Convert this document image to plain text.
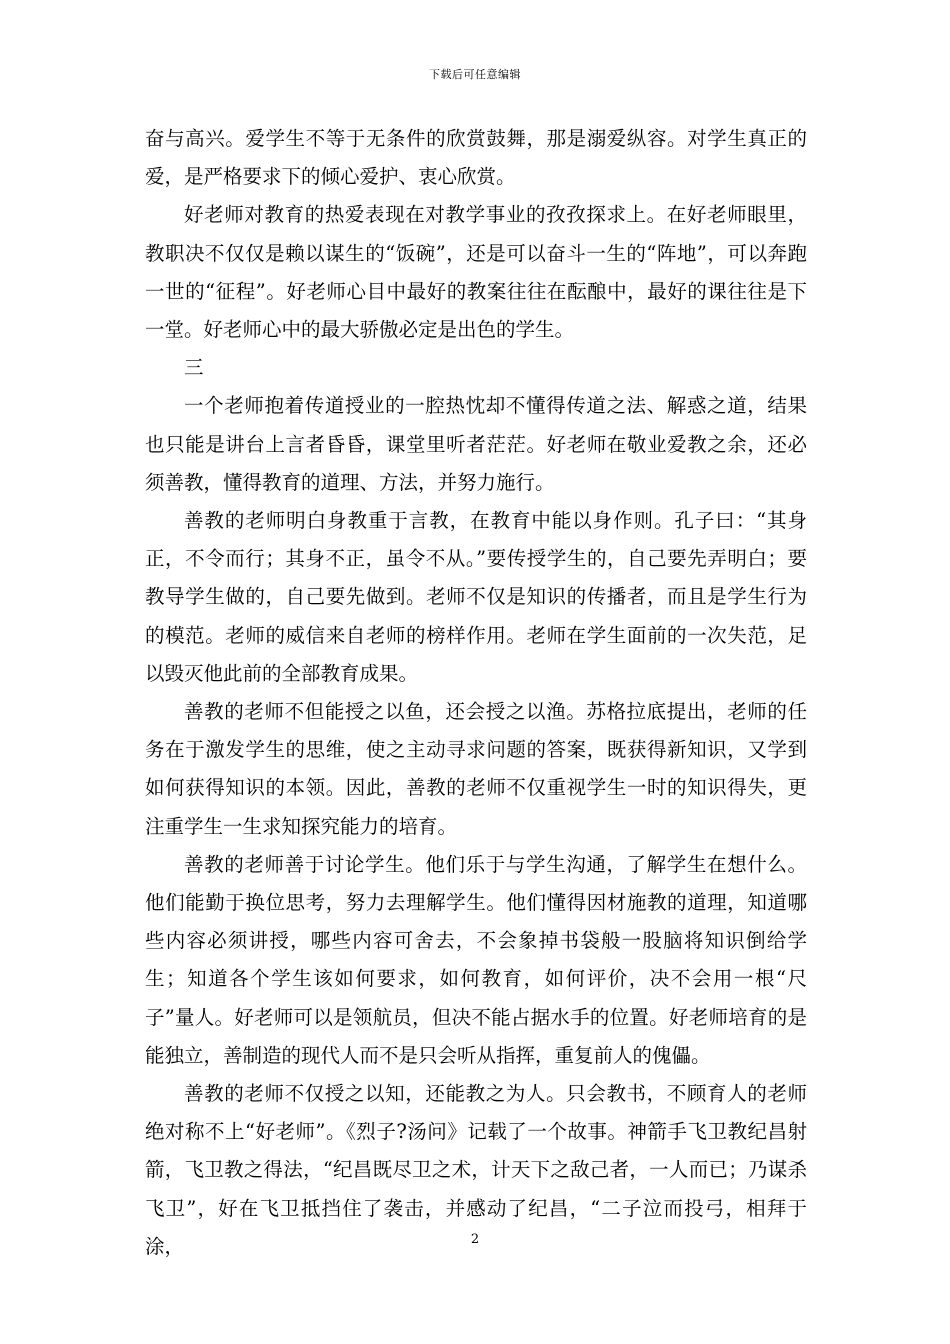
下载后可任意编辑

奋与高兴。爱学生不等于无条件的欣赏鼓舞，那是溺爱纵容。对学生真正的爱，是严格要求下的倾心爱护、衷心欣赏。

好老师对教育的热爱表现在对教学事业的孜孜探求上。在好老师眼里，教职决不仅仅是赖以谋生的“饭碗”，还是可以奋斗一生的“阵地”，可以奔跑一世的“征程”。好老师心目中最好的教案往往在酝酿中，最好的课往往是下一堂。好老师心中的最大骄傲必定是出色的学生。

三

一个老师抱着传道授业的一腔热忱却不懂得传道之法、解惑之道，结果也只能是讲台上言者昏昏，课堂里听者茫茫。好老师在敬业爱教之余，还必须善教，懂得教育的道理、方法，并努力施行。

善教的老师明白身教重于言教，在教育中能以身作则。孔子曰：“其身正，不令而行；其身不正，虽令不从。”要传授学生的，自己要先弄明白；要教导学生做的，自己要先做到。老师不仅是知识的传播者，而且是学生行为的模范。老师的威信来自老师的榜样作用。老师在学生面前的一次失范，足以毁灭他此前的全部教育成果。

善教的老师不但能授之以鱼，还会授之以渔。苏格拉底提出，老师的任务在于激发学生的思维，使之主动寻求问题的答案，既获得新知识，又学到如何获得知识的本领。因此，善教的老师不仅重视学生一时的知识得失，更注重学生一生求知探究能力的培育。

善教的老师善于讨论学生。他们乐于与学生沟通，了解学生在想什么。他们能勤于换位思考，努力去理解学生。他们懂得因材施教的道理，知道哪些内容必须讲授，哪些内容可舍去，不会象掉书袋般一股脑将知识倒给学生；知道各个学生该如何要求，如何教育，如何评价，决不会用一根“尺子”量人。好老师可以是领航员，但决不能占据水手的位置。好老师培育的是能独立，善制造的现代人而不是只会听从指挥，重复前人的傀儡。

善教的老师不仅授之以知，还能教之为人。只会教书，不顾育人的老师绝对称不上“好老师”。《烈子?汤问》记载了一个故事。神箭手飞卫教纪昌射箭，飞卫教之得法，“纪昌既尽卫之术，计天下之敌己者，一人而已；乃谋杀飞卫”，好在飞卫抵挡住了袭击，并感动了纪昌，“二子泣而投弓，相拜于涂，	2
